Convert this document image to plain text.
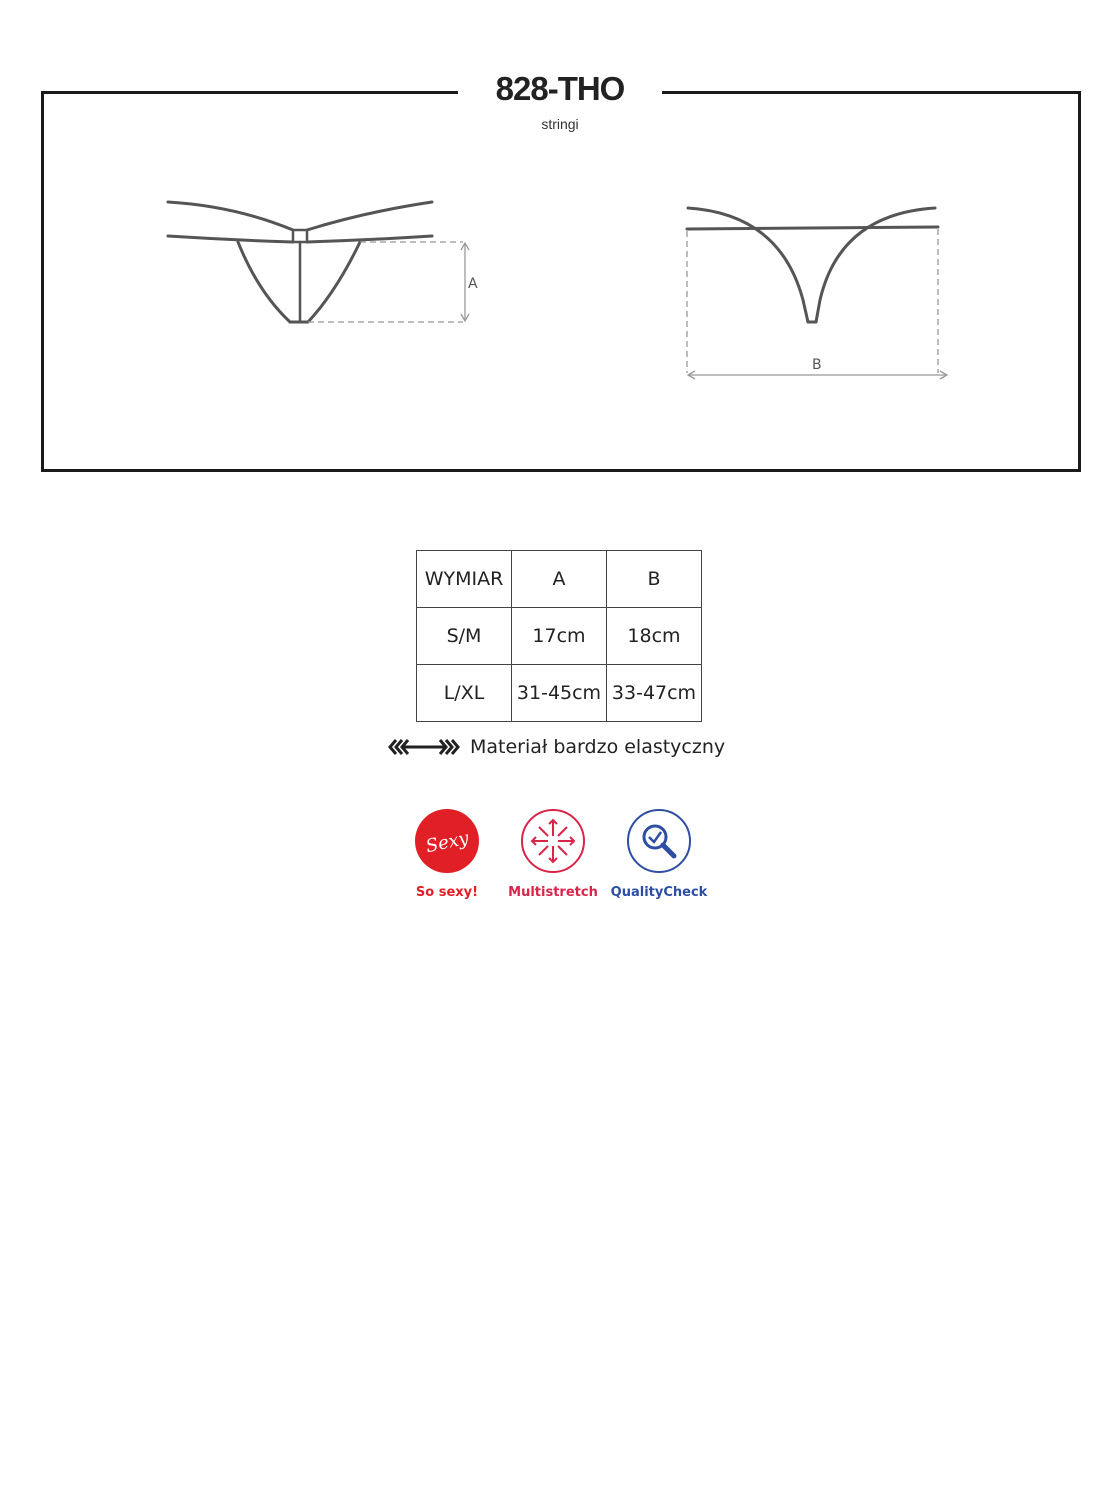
828-THO
stringi
A
B
WYMIAR	A	B
S/M	17cm	18cm
L/XL	31-45cm	33-47cm
Materiał bardzo elastyczny
Sexy
So sexy!	Multistretch QualityCheck
